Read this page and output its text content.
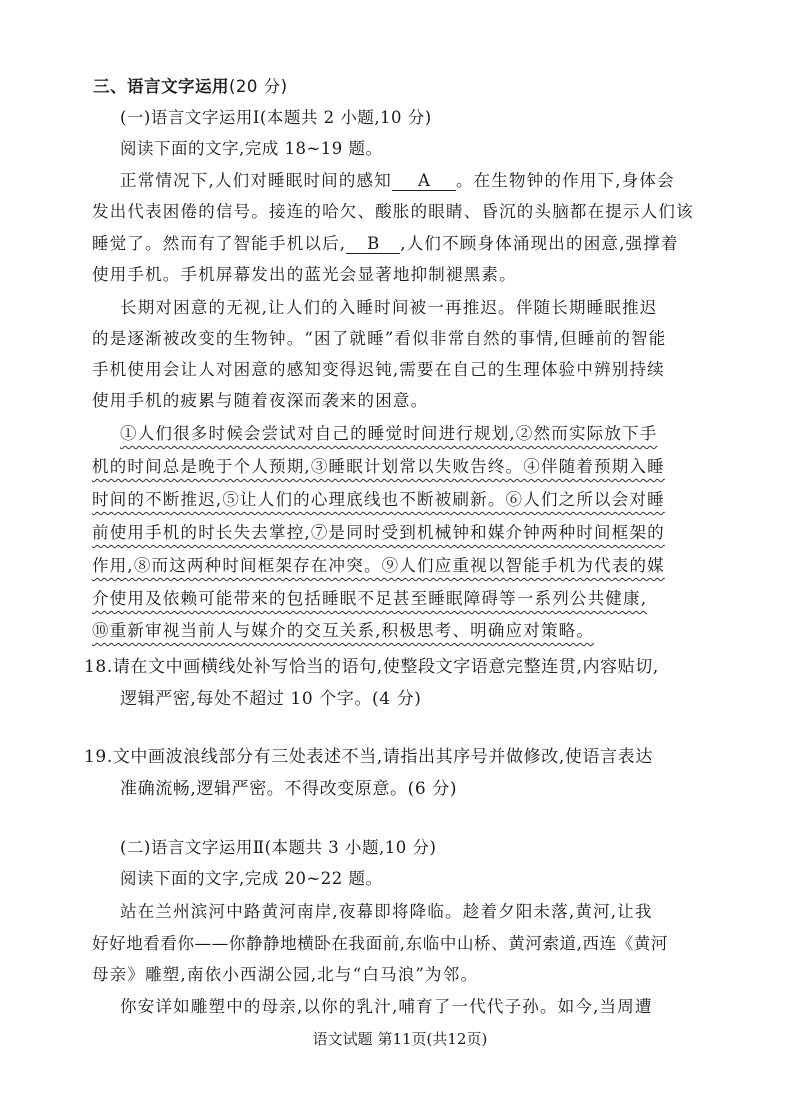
三、语言文字运用(20 分)
(一)语言文字运用Ⅰ(本题共 2 小题,10 分)
阅读下面的文字,完成 18~19 题。
正常情况下,人们对睡眠时间的感知 A 。在生物钟的作用下,身体会
发出代表困倦的信号。接连的哈欠、酸胀的眼睛、昏沉的头脑都在提示人们该
睡觉了。然而有了智能手机以后, B ,人们不顾身体涌现出的困意,强撑着
使用手机。手机屏幕发出的蓝光会显著地抑制褪黑素。
长期对困意的无视,让人们的入睡时间被一再推迟。伴随长期睡眠推迟
的是逐渐被改变的生物钟。“困了就睡”看似非常自然的事情,但睡前的智能
手机使用会让人对困意的感知变得迟钝,需要在自己的生理体验中辨别持续
使用手机的疲累与随着夜深而袭来的困意。
①人们很多时候会尝试对自己的睡觉时间进行规划,②然而实际放下手
机的时间总是晚于个人预期,③睡眠计划常以失败告终。④伴随着预期入睡
时间的不断推迟,⑤让人们的心理底线也不断被刷新。⑥人们之所以会对睡
前使用手机的时长失去掌控,⑦是同时受到机械钟和媒介钟两种时间框架的
作用,⑧而这两种时间框架存在冲突。⑨人们应重视以智能手机为代表的媒
介使用及依赖可能带来的包括睡眠不足甚至睡眠障碍等一系列公共健康,
⑩重新审视当前人与媒介的交互关系,积极思考、明确应对策略。
18.请在文中画横线处补写恰当的语句,使整段文字语意完整连贯,内容贴切,
逻辑严密,每处不超过 10 个字。(4 分)
19.文中画波浪线部分有三处表述不当,请指出其序号并做修改,使语言表达
准确流畅,逻辑严密。不得改变原意。(6 分)
(二)语言文字运用Ⅱ(本题共 3 小题,10 分)
阅读下面的文字,完成 20~22 题。
站在兰州滨河中路黄河南岸,夜幕即将降临。趁着夕阳未落,黄河,让我
好好地看看你——你静静地横卧在我面前,东临中山桥、黄河索道,西连《黄河
母亲》雕塑,南依小西湖公园,北与“白马浪”为邻。
你安详如雕塑中的母亲,以你的乳汁,哺育了一代代子孙。如今,当周遭
语文试题 第11页(共12页)
